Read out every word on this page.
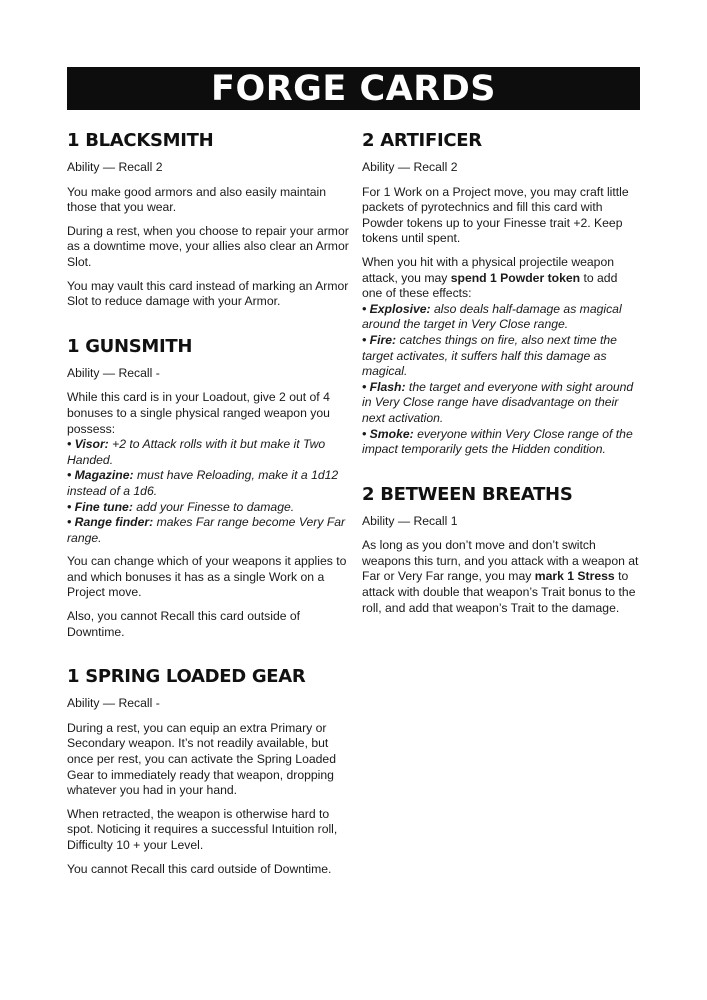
FORGE CARDS
1 BLACKSMITH

Ability — Recall 2

You make good armors and also easily maintain those that you wear.

During a rest, when you choose to repair your armor as a downtime move, your allies also clear an Armor Slot.

You may vault this card instead of marking an Armor Slot to reduce damage with your Armor.

1 GUNSMITH

Ability — Recall -

While this card is in your Loadout, give 2 out of 4 bonuses to a single physical ranged weapon you possess:
• Visor: +2 to Attack rolls with it but make it Two Handed.
• Magazine: must have Reloading, make it a 1d12 instead of a 1d6.
• Fine tune: add your Finesse to damage.
• Range finder: makes Far range become Very Far range.

You can change which of your weapons it applies to and which bonuses it has as a single Work on a Project move.

Also, you cannot Recall this card outside of Downtime.

1 SPRING LOADED GEAR

Ability — Recall -

During a rest, you can equip an extra Primary or Secondary weapon. It’s not readily available, but once per rest, you can activate the Spring Loaded Gear to immediately ready that weapon, dropping whatever you had in your hand.

When retracted, the weapon is otherwise hard to spot. Noticing it requires a successful Intuition roll, Difficulty 10 + your Level.

You cannot Recall this card outside of Downtime.

2 ARTIFICER

Ability — Recall 2

For 1 Work on a Project move, you may craft little packets of pyrotechnics and fill this card with Powder tokens up to your Finesse trait +2. Keep tokens until spent.

When you hit with a physical projectile weapon attack, you may spend 1 Powder token to add one of these effects:
• Explosive: also deals half-damage as magical around the target in Very Close range.
• Fire: catches things on fire, also next time the target activates, it suffers half this damage as magical.
• Flash: the target and everyone with sight around in Very Close range have disadvantage on their next activation.
• Smoke: everyone within Very Close range of the impact temporarily gets the Hidden condition.
2 BETWEEN BREATHS

Ability — Recall 1

As long as you don’t move and don’t switch weapons this turn, and you attack with a weapon at Far or Very Far range, you may mark 1 Stress to attack with double that weapon’s Trait bonus to the roll, and add that weapon’s Trait to the damage.
